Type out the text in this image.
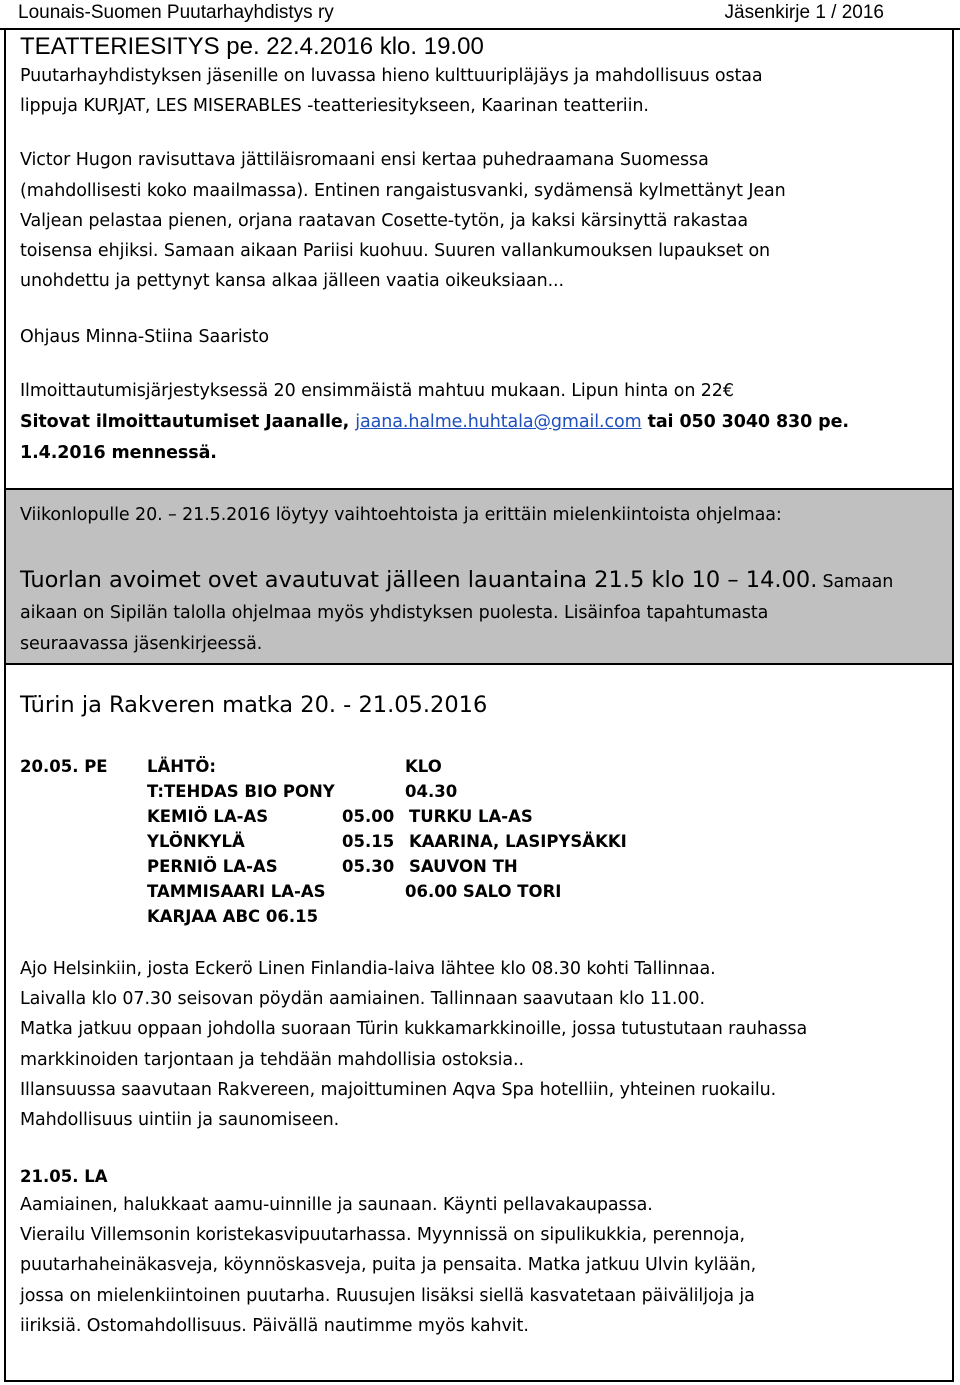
Lounais-Suomen Puutarhayhdistys ry	Jäsenkirje 1 / 2016
TEATTERIESITYS pe. 22.4.2016 klo. 19.00
Puutarhayhdistyksen jäsenille on luvassa hieno kulttuuripläjäys ja mahdollisuus ostaa
lippuja KURJAT, LES MISERABLES -teatteriesitykseen, Kaarinan teatteriin.
Victor Hugon ravisuttava jättiläisromaani ensi kertaa puhedraamana Suomessa
(mahdollisesti koko maailmassa). Entinen rangaistusvanki, sydämensä kylmettänyt Jean
Valjean pelastaa pienen, orjana raatavan Cosette-tytön, ja kaksi kärsinyttä rakastaa
toisensa ehjiksi. Samaan aikaan Pariisi kuohuu. Suuren vallankumouksen lupaukset on
unohdettu ja pettynyt kansa alkaa jälleen vaatia oikeuksiaan...
Ohjaus Minna-Stiina Saaristo
Ilmoittautumisjärjestyksessä 20 ensimmäistä mahtuu mukaan. Lipun hinta on 22€
Sitovat ilmoittautumiset Jaanalle, jaana.halme.huhtala@gmail.com tai 050 3040 830 pe.
1.4.2016 mennessä.
Viikonlopulle 20. – 21.5.2016 löytyy vaihtoehtoista ja erittäin mielenkiintoista ohjelmaa:
Tuorlan avoimet ovet avautuvat jälleen lauantaina 21.5 klo 10 – 14.00. Samaan
aikaan on Sipilän talolla ohjelmaa myös yhdistyksen puolesta. Lisäinfoa tapahtumasta
seuraavassa jäsenkirjeessä.
Türin ja Rakveren matka 20. - 21.05.2016
20.05. PE LÄHTÖ:	KLO
T:TEHDAS BIO PONY	04.30
KEMIÖ LA-AS	05.00 TURKU LA-AS
YLÖNKYLÄ	05.15 KAARINA, LASIPYSÄKKI
PERNIÖ LA-AS	05.30 SAUVON TH
TAMMISAARI LA-AS	06.00 SALO TORI
KARJAA ABC 06.15
Ajo Helsinkiin, josta Eckerö Linen Finlandia-laiva lähtee klo 08.30 kohti Tallinnaa.
Laivalla klo 07.30 seisovan pöydän aamiainen. Tallinnaan saavutaan klo 11.00.
Matka jatkuu oppaan johdolla suoraan Türin kukkamarkkinoille, jossa tutustutaan rauhassa
markkinoiden tarjontaan ja tehdään mahdollisia ostoksia..
Illansuussa saavutaan Rakvereen, majoittuminen Aqva Spa hotelliin, yhteinen ruokailu.
Mahdollisuus uintiin ja saunomiseen.
21.05. LA
Aamiainen, halukkaat aamu-uinnille ja saunaan. Käynti pellavakaupassa.
Vierailu Villemsonin koristekasvipuutarhassa. Myynnissä on sipulikukkia, perennoja,
puutarhaheinäkasveja, köynnöskasveja, puita ja pensaita. Matka jatkuu Ulvin kylään,
jossa on mielenkiintoinen puutarha. Ruusujen lisäksi siellä kasvatetaan päiväliljoja ja
iiriksiä. Ostomahdollisuus. Päivällä nautimme myös kahvit.
